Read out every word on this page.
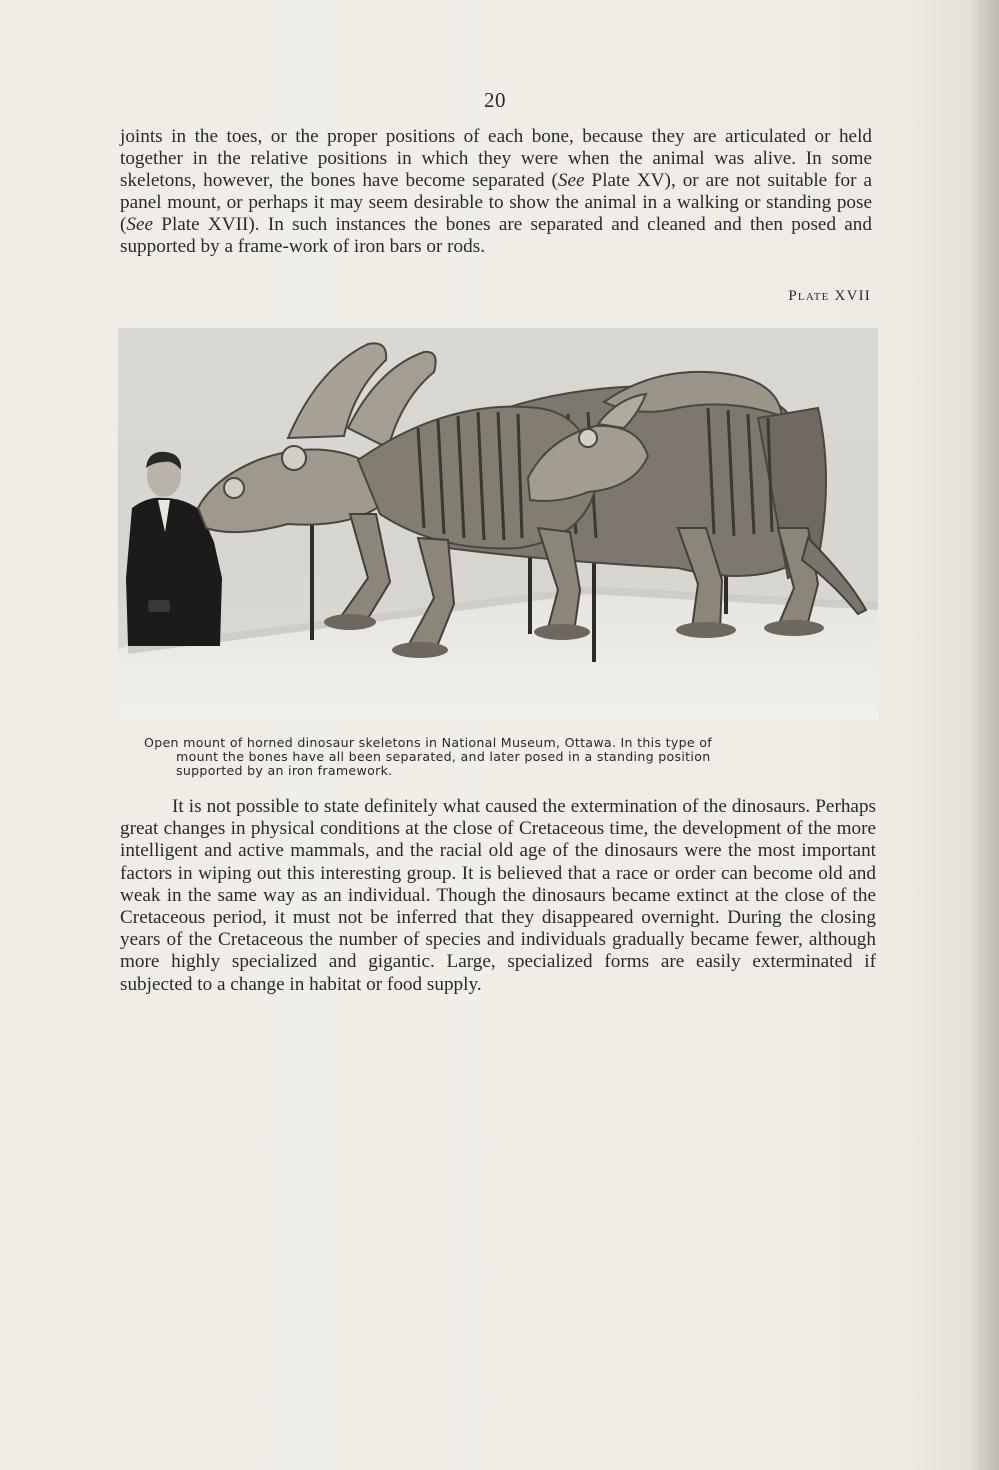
20

joints in the toes, or the proper positions of each bone, because they are articulated or held together in the relative positions in which they were when the animal was alive. In some skeletons, however, the bones have become separated (See Plate XV), or are not suitable for a panel mount, or perhaps it may seem desirable to show the animal in a walking or standing pose (See Plate XVII). In such instances the bones are separated and cleaned and then posed and supported by a frame-work of iron bars or rods.

Plate XVII
Open mount of horned dinosaur skeletons in National Museum, Ottawa. In this type of
mount the bones have all been separated, and later posed in a standing position
supported by an iron framework.

It is not possible to state definitely what caused the extermination of the dinosaurs. Perhaps great changes in physical conditions at the close of Cretaceous time, the development of the more intelligent and active mammals, and the racial old age of the dinosaurs were the most important factors in wiping out this interesting group. It is believed that a race or order can become old and weak in the same way as an individual. Though the dinosaurs became extinct at the close of the Cretaceous period, it must not be inferred that they disappeared overnight. During the closing years of the Cretaceous the number of species and individuals gradually became fewer, although more highly specialized and gigantic. Large, specialized forms are easily exterminated if subjected to a change in habitat or food supply.
